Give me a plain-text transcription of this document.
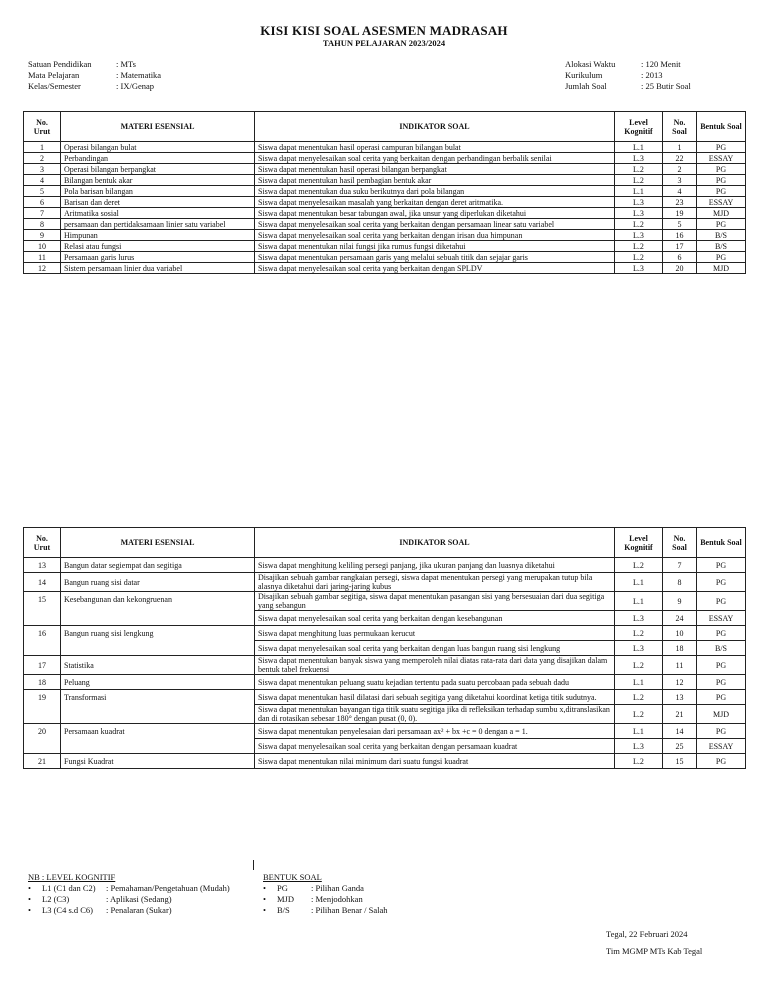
KISI KISI SOAL ASESMEN MADRASAH
TAHUN PELAJARAN 2023/2024
Satuan Pendidikan	: MTs
Mata Pelajaran	: Matematika
Kelas/Semester	: IX/Genap
Alokasi Waktu	: 120 Menit
Kurikulum	: 2013
Jumlah Soal	: 25 Butir Soal
No. Urut	MATERI ESENSIAL	INDIKATOR SOAL	Level Kognitif	No. Soal	Bentuk Soal
1	Operasi bilangan bulat	Siswa dapat menentukan hasil operasi campuran bilangan bulat	L.1	1	PG
2	Perbandingan	Siswa dapat menyelesaikan soal cerita yang berkaitan dengan perbandingan berbalik senilai	L.3	22	ESSAY
3	Operasi bilangan berpangkat	Siswa dapat menentukan hasil operasi bilangan berpangkat	L.2	2	PG
4	Bilangan bentuk akar	Siswa dapat menentukan hasil pembagian bentuk akar	L.2	3	PG
5	Pola barisan bilangan	Siswa dapat menentukan dua suku berikutnya dari pola bilangan	L.1	4	PG
6	Barisan dan deret	Siswa dapat menyelesaikan masalah yang berkaitan dengan deret aritmatika.	L.3	23	ESSAY
7	Aritmatika sosial	Siswa dapat menentukan besar tabungan awal, jika unsur yang diperlukan diketahui	L.3	19	MJD
8	persamaan dan pertidaksamaan linier satu variabel	Siswa dapat menyelesaikan soal cerita yang berkaitan dengan persamaan linear satu variabel	L.2	5	PG
9	Himpunan	Siswa dapat menyelesaikan soal cerita yang berkaitan dengan irisan dua himpunan	L.3	16	B/S
10	Relasi atau fungsi	Siswa dapat menentukan nilai fungsi jika rumus fungsi diketahui	L.2	17	B/S
11	Persamaan garis lurus	Siswa dapat menentukan persamaan garis yang melalui sebuah titik dan sejajar garis	L.2	6	PG
12	Sistem persamaan linier dua variabel	Siswa dapat menyelesaikan soal cerita yang berkaitan dengan SPLDV	L.3	20	MJD
No. Urut	MATERI ESENSIAL	INDIKATOR SOAL	Level Kognitif	No. Soal	Bentuk Soal
13	Bangun datar segiempat dan segitiga	Siswa dapat menghitung keliling persegi panjang, jika ukuran panjang dan luasnya diketahui	L.2	7	PG
14	Bangun ruang sisi datar	Disajikan sebuah gambar rangkaian persegi, siswa dapat menentukan persegi yang merupakan tutup bila alasnya diketahui dari jaring-jaring kubus	L.1	8	PG
15	Kesebangunan dan kekongruenan	Disajikan sebuah gambar segitiga, siswa dapat menentukan pasangan sisi yang bersesuaian dari dua segitiga yang sebangun	L.1	9	PG
		Siswa dapat menyelesaikan soal cerita yang berkaitan dengan kesebangunan	L.3	24	ESSAY
16	Bangun ruang sisi lengkung	Siswa dapat menghitung luas permukaan kerucut	L.2	10	PG
		Siswa dapat menyelesaikan soal cerita yang berkaitan dengan luas bangun ruang sisi lengkung	L.3	18	B/S
17	Statistika	Siswa dapat menentukan banyak siswa yang memperoleh nilai diatas rata-rata dari data yang disajikan dalam bentuk tabel frekuensi	L.2	11	PG
18	Peluang	Siswa dapat menentukan peluang suatu kejadian tertentu pada suatu percobaan pada sebuah dadu	L.1	12	PG
19	Transformasi	Siswa dapat menentukan hasil dilatasi dari sebuah segitiga yang diketahui koordinat ketiga titik sudutnya.	L.2	13	PG
		Siswa dapat menentukan bayangan tiga titik suatu segitiga jika di refleksikan terhadap sumbu x,ditranslasikan dan di rotasikan sebesar 180° dengan pusat (0, 0).	L.2	21	MJD
20	Persamaan kuadrat	Siswa dapat menentukan penyelesaian dari persamaan ax² + bx +c = 0 dengan a = 1.	L.1	14	PG
		Siswa dapat menyelesaikan soal cerita yang berkaitan dengan persamaan kuadrat	L.3	25	ESSAY
21	Fungsi Kuadrat	Siswa dapat menentukan nilai minimum dari suatu fungsi kuadrat	L.2	15	PG
NB : LEVEL KOGNITIF
•	L1 (C1 dan C2)	: Pemahaman/Pengetahuan (Mudah)
•	L2 (C3)	: Aplikasi (Sedang)
•	L3 (C4 s.d C6)	: Penalaran (Sukar)
BENTUK SOAL
•	PG	: Pilihan Ganda
•	MJD	: Menjodohkan
•	B/S	: Pilihan Benar / Salah
Tegal, 22 Februari 2024
Tim MGMP MTs Kab Tegal
